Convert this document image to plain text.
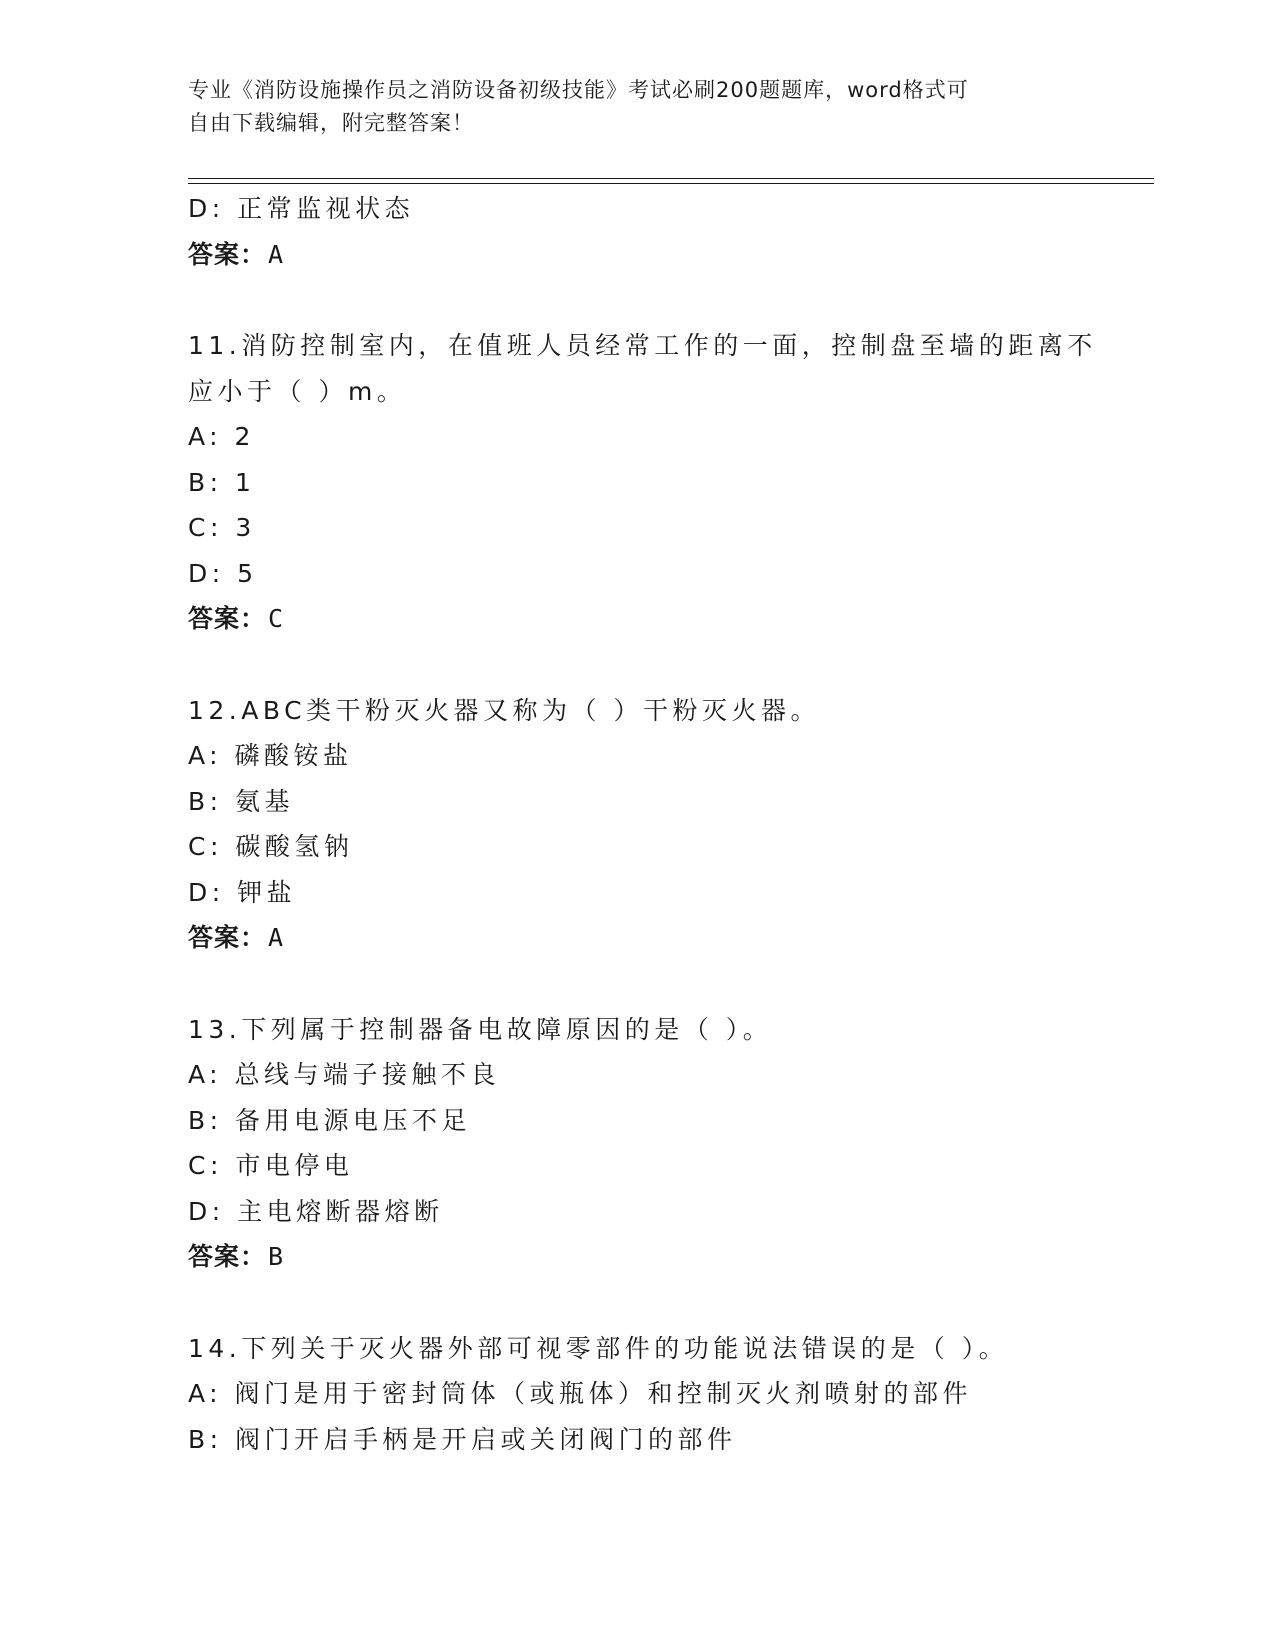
专业《消防设施操作员之消防设备初级技能》考试必刷200题题库，word格式可

自由下载编辑，附完整答案！

D: 正常监视状态
答案：A
11.消防控制室内，在值班人员经常工作的一面，控制盘至墙的距离不
应小于（ ）m。
A: 2
B: 1
C: 3
D: 5
答案：C
12.ABC类干粉灭火器又称为（ ）干粉灭火器。
A: 磷酸铵盐
B: 氨基
C: 碳酸氢钠
D: 钾盐
答案：A
13.下列属于控制器备电故障原因的是（ ）。
A: 总线与端子接触不良
B: 备用电源电压不足
C: 市电停电
D: 主电熔断器熔断
答案：B
14.下列关于灭火器外部可视零部件的功能说法错误的是（ ）。
A: 阀门是用于密封筒体（或瓶体）和控制灭火剂喷射的部件
B: 阀门开启手柄是开启或关闭阀门的部件
